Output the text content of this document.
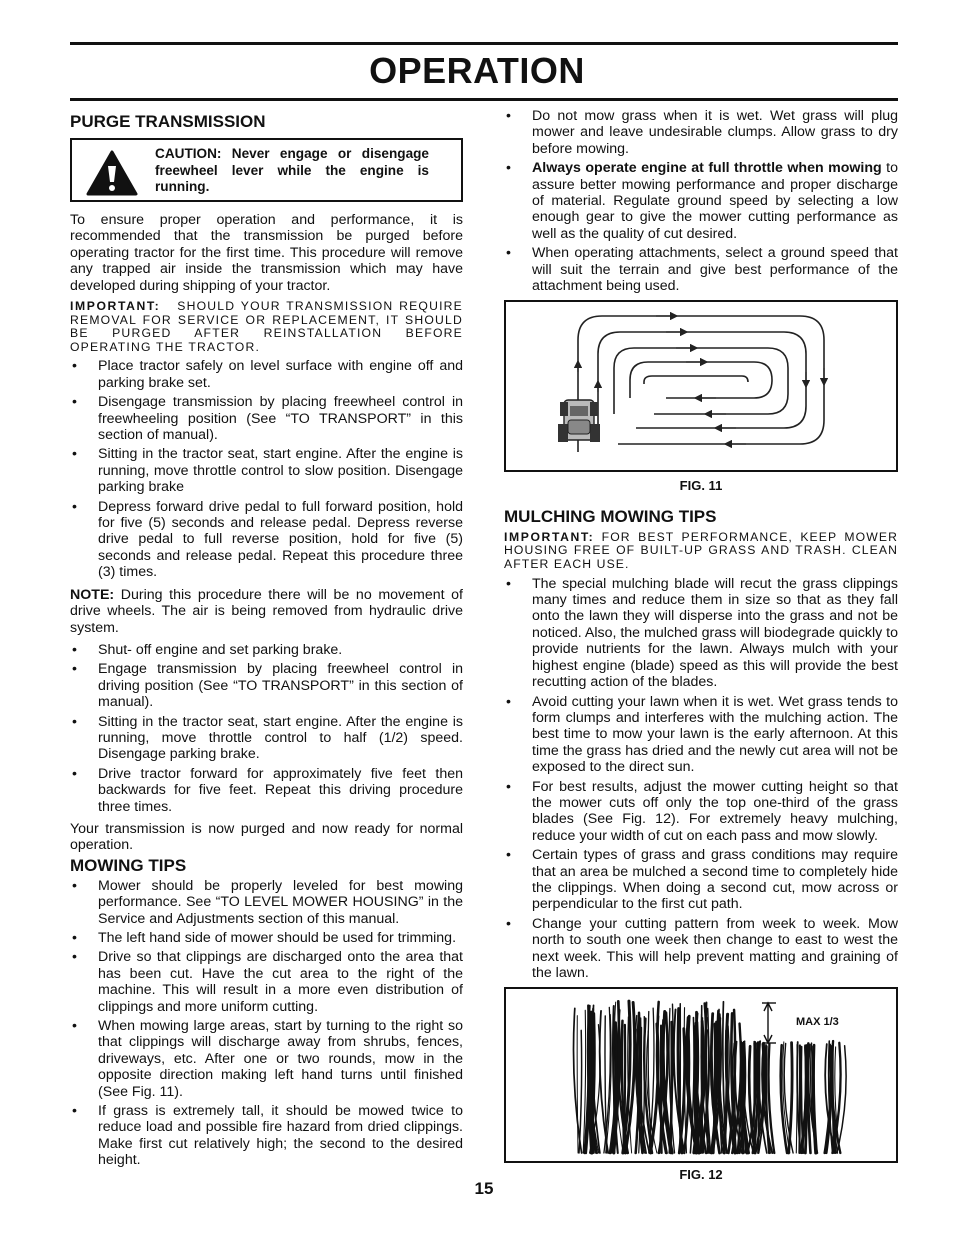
OPERATION
PURGE TRANSMISSION
CAUTION: Never engage or disengage freewheel lever while the engine is running.

To ensure proper operation and performance, it is recommended that the transmission be purged before operating tractor for the first time. This procedure will remove any trapped air inside the transmission which may have developed during shipping of your tractor.

IMPORTANT: SHOULD YOUR TRANSMISSION REQUIRE REMOVAL FOR SERVICE OR REPLACEMENT, IT SHOULD BE PURGED AFTER REINSTALLATION BEFORE OPERATING THE TRACTOR.

• Place tractor safely on level surface with engine off and parking brake set.
• Disengage transmission by placing freewheel control in freewheeling position (See “TO TRANSPORT” in this section of manual).
• Sitting in the tractor seat, start engine. After the engine is running, move throttle control to slow position. Disengage parking brake
• Depress forward drive pedal to full forward position, hold for five (5) seconds and release pedal. Depress reverse drive pedal to full reverse position, hold for five (5) seconds and release pedal. Repeat this procedure three (3) times.

NOTE: During this procedure there will be no movement of drive wheels. The air is being removed from hydraulic drive system.

• Shut- off engine and set parking brake.
• Engage transmission by placing freewheel control in driving position (See “TO TRANSPORT” in this section of manual).
• Sitting in the tractor seat, start engine. After the engine is running, move throttle control to half (1/2) speed. Disengage parking brake.
• Drive tractor forward for approximately five feet then backwards for five feet. Repeat this driving procedure three times.

Your transmission is now purged and now ready for normal operation.

MOWING TIPS
• Mower should be properly leveled for best mowing performance. See “TO LEVEL MOWER HOUSING” in the Service and Adjustments section of this manual.
• The left hand side of mower should be used for trimming.
• Drive so that clippings are discharged onto the area that has been cut. Have the cut area to the right of the machine. This will result in a more even distribution of clippings and more uniform cutting.
• When mowing large areas, start by turning to the right so that clippings will discharge away from shrubs, fences, driveways, etc. After one or two rounds, mow in the opposite direction making left hand turns until finished (See Fig. 11).
• If grass is extremely tall, it should be mowed twice to reduce load and possible fire hazard from dried clippings. Make first cut relatively high; the second to the desired height.
• Do not mow grass when it is wet. Wet grass will plug mower and leave undesirable clumps. Allow grass to dry before mowing.
• Always operate engine at full throttle when mowing to assure better mowing performance and proper discharge of material. Regulate ground speed by selecting a low enough gear to give the mower cutting performance as well as the quality of cut desired.
• When operating attachments, select a ground speed that will suit the terrain and give best performance of the attachment being used.
FIG. 11
MULCHING MOWING TIPS

IMPORTANT: FOR BEST PERFORMANCE, KEEP MOWER HOUSING FREE OF BUILT-UP GRASS AND TRASH. CLEAN AFTER EACH USE.

• The special mulching blade will recut the grass clippings many times and reduce them in size so that as they fall onto the lawn they will disperse into the grass and not be noticed. Also, the mulched grass will biodegrade quickly to provide nutrients for the lawn. Always mulch with your highest engine (blade) speed as this will provide the best recutting action of the blades.
• Avoid cutting your lawn when it is wet. Wet grass tends to form clumps and interferes with the mulching action. The best time to mow your lawn is the early afternoon. At this time the grass has dried and the newly cut area will not be exposed to the direct sun.
• For best results, adjust the mower cutting height so that the mower cuts off only the top one-third of the grass blades (See Fig. 12). For extremely heavy mulching, reduce your width of cut on each pass and mow slowly.
• Certain types of grass and grass conditions may require that an area be mulched a second time to completely hide the clippings. When doing a second cut, mow across or perpendicular to the first cut path.
• Change your cutting pattern from week to week. Mow north to south one week then change to east to west the next week. This will help prevent matting and graining of the lawn.
MAX 1/3
FIG. 12
15
